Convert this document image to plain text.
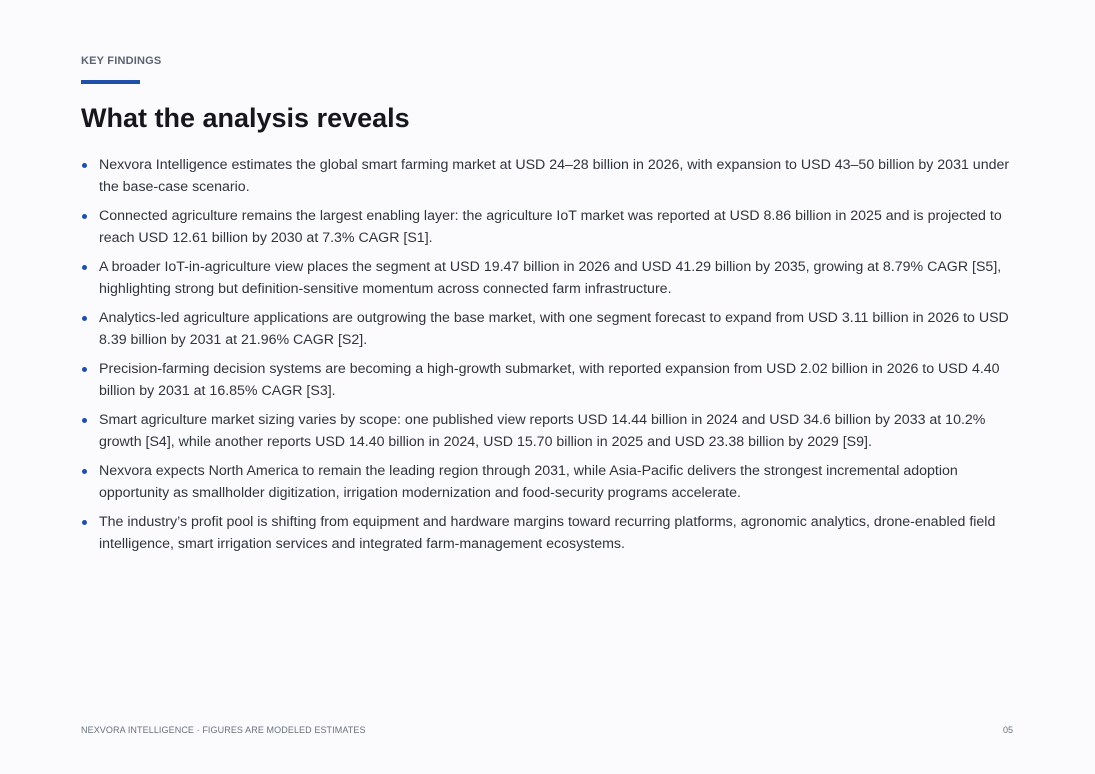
KEY FINDINGS
What the analysis reveals
Nexvora Intelligence estimates the global smart farming market at USD 24–28 billion in 2026, with expansion to USD 43–50 billion by 2031 under the base-case scenario.
Connected agriculture remains the largest enabling layer: the agriculture IoT market was reported at USD 8.86 billion in 2025 and is projected to reach USD 12.61 billion by 2030 at 7.3% CAGR [S1].
A broader IoT-in-agriculture view places the segment at USD 19.47 billion in 2026 and USD 41.29 billion by 2035, growing at 8.79% CAGR [S5], highlighting strong but definition-sensitive momentum across connected farm infrastructure.
Analytics-led agriculture applications are outgrowing the base market, with one segment forecast to expand from USD 3.11 billion in 2026 to USD 8.39 billion by 2031 at 21.96% CAGR [S2].
Precision-farming decision systems are becoming a high-growth submarket, with reported expansion from USD 2.02 billion in 2026 to USD 4.40 billion by 2031 at 16.85% CAGR [S3].
Smart agriculture market sizing varies by scope: one published view reports USD 14.44 billion in 2024 and USD 34.6 billion by 2033 at 10.2% growth [S4], while another reports USD 14.40 billion in 2024, USD 15.70 billion in 2025 and USD 23.38 billion by 2029 [S9].
Nexvora expects North America to remain the leading region through 2031, while Asia-Pacific delivers the strongest incremental adoption opportunity as smallholder digitization, irrigation modernization and food-security programs accelerate.
The industry’s profit pool is shifting from equipment and hardware margins toward recurring platforms, agronomic analytics, drone-enabled field intelligence, smart irrigation services and integrated farm-management ecosystems.
NEXVORA INTELLIGENCE · FIGURES ARE MODELED ESTIMATES	05
